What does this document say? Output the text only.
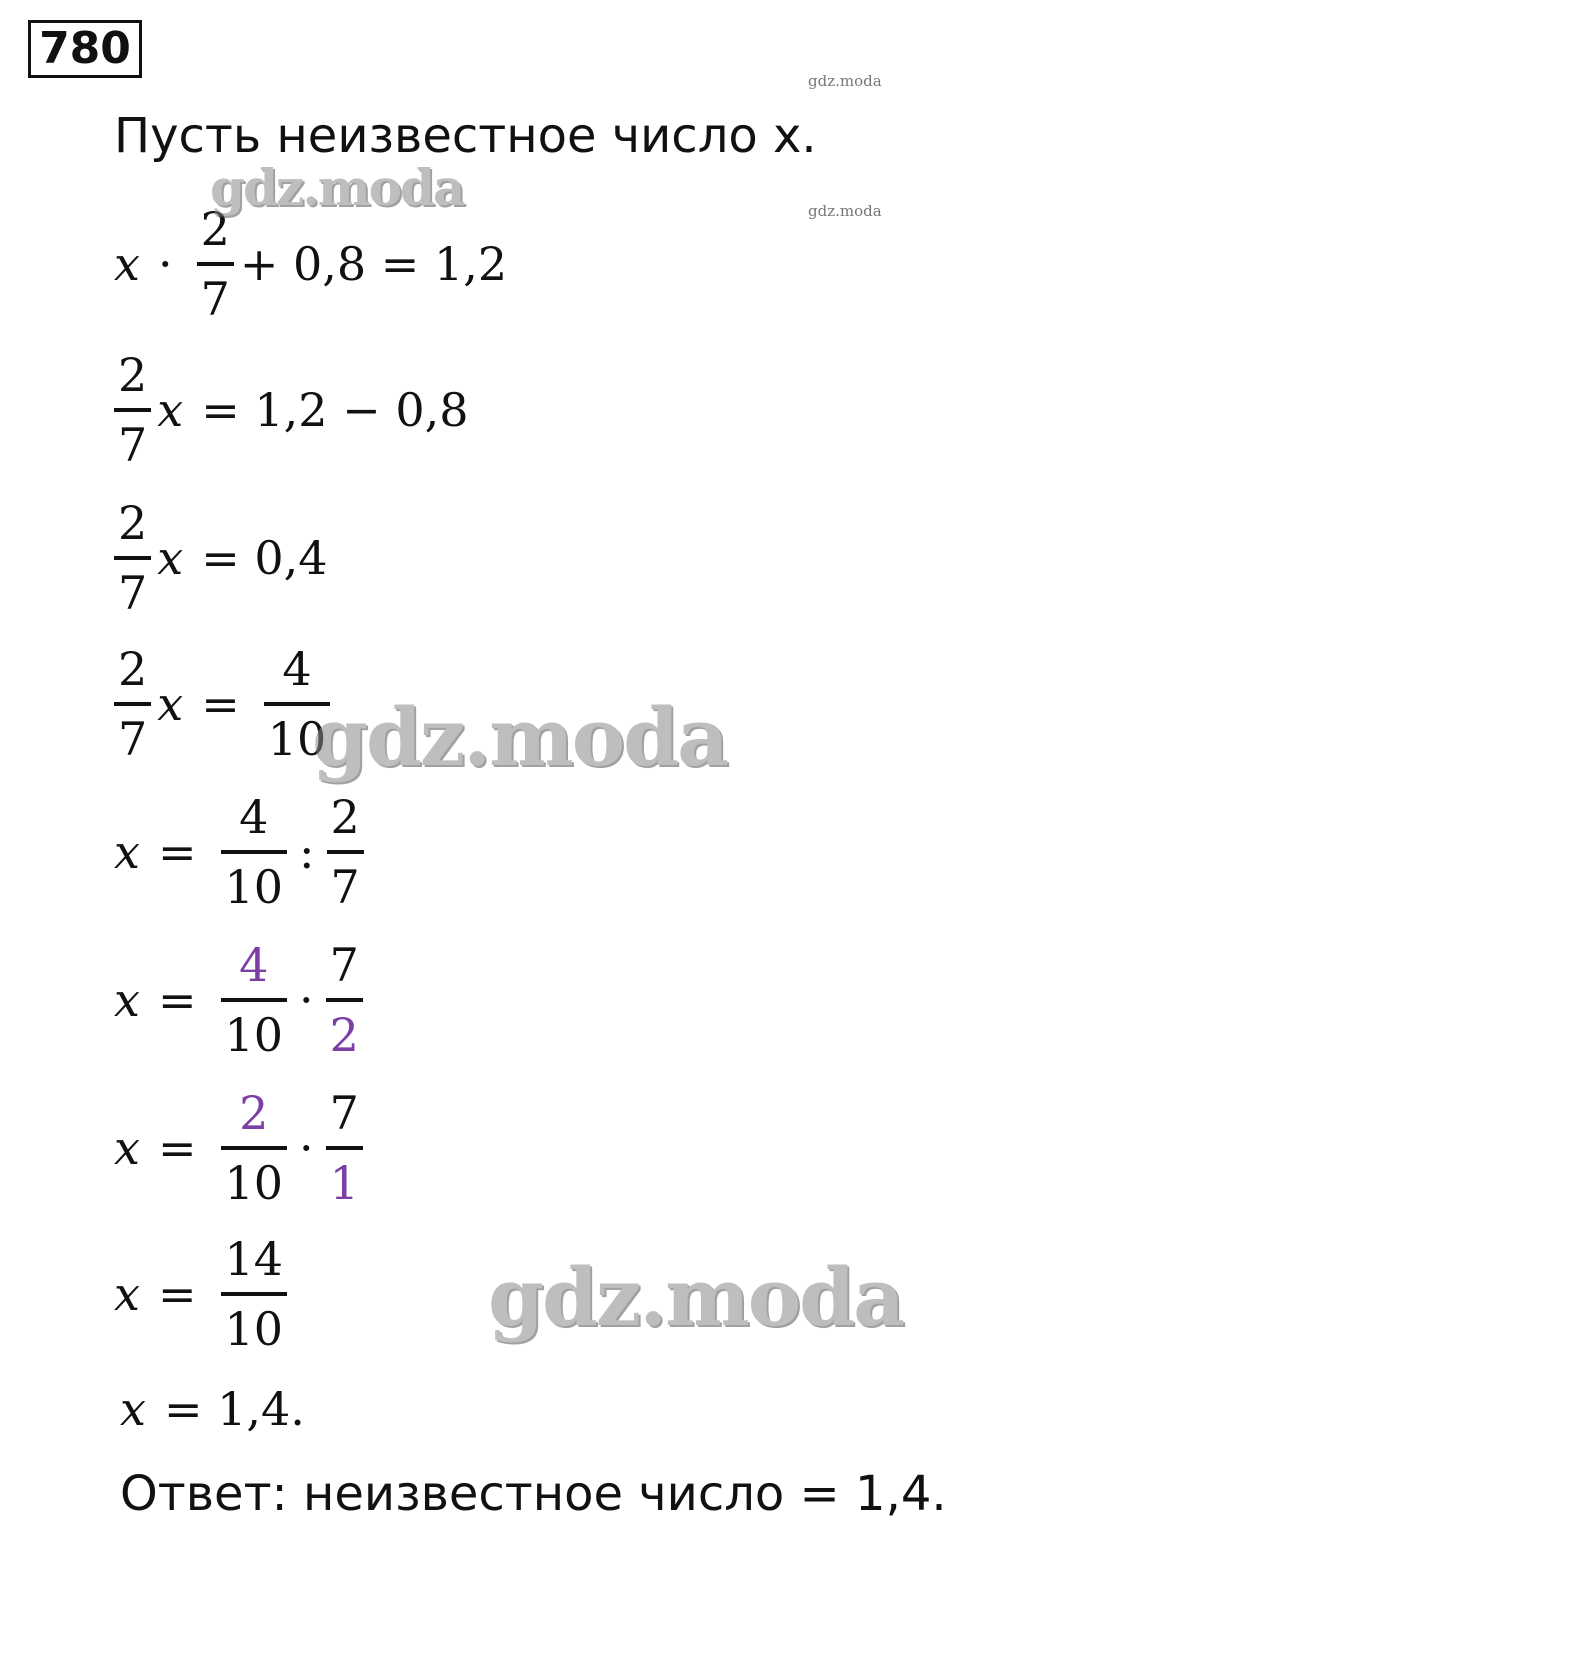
780
gdz.moda
gdz.moda
Пусть неизвестное число x.
$x \cdot \frac{2}{7} + 0,8 = 1,2$
$\frac{2}{7}$ x = 1,2 − 0,8
$\frac{2}{7}$ x = 0,4
$\frac{2}{7}$ $x = \frac{4}{10}$
$x = \frac{4}{10}$ : $\frac{2}{7}$
$x = \frac{4}{10} \cdot \frac{7}{2}$
$x = \frac{2}{10} \cdot \frac{7}{1}$
$x = \frac{14}{10}$
x = 1,4.
Ответ: неизвестное число = 1,4.
gdz.moda
gdz.moda
gdz.moda
